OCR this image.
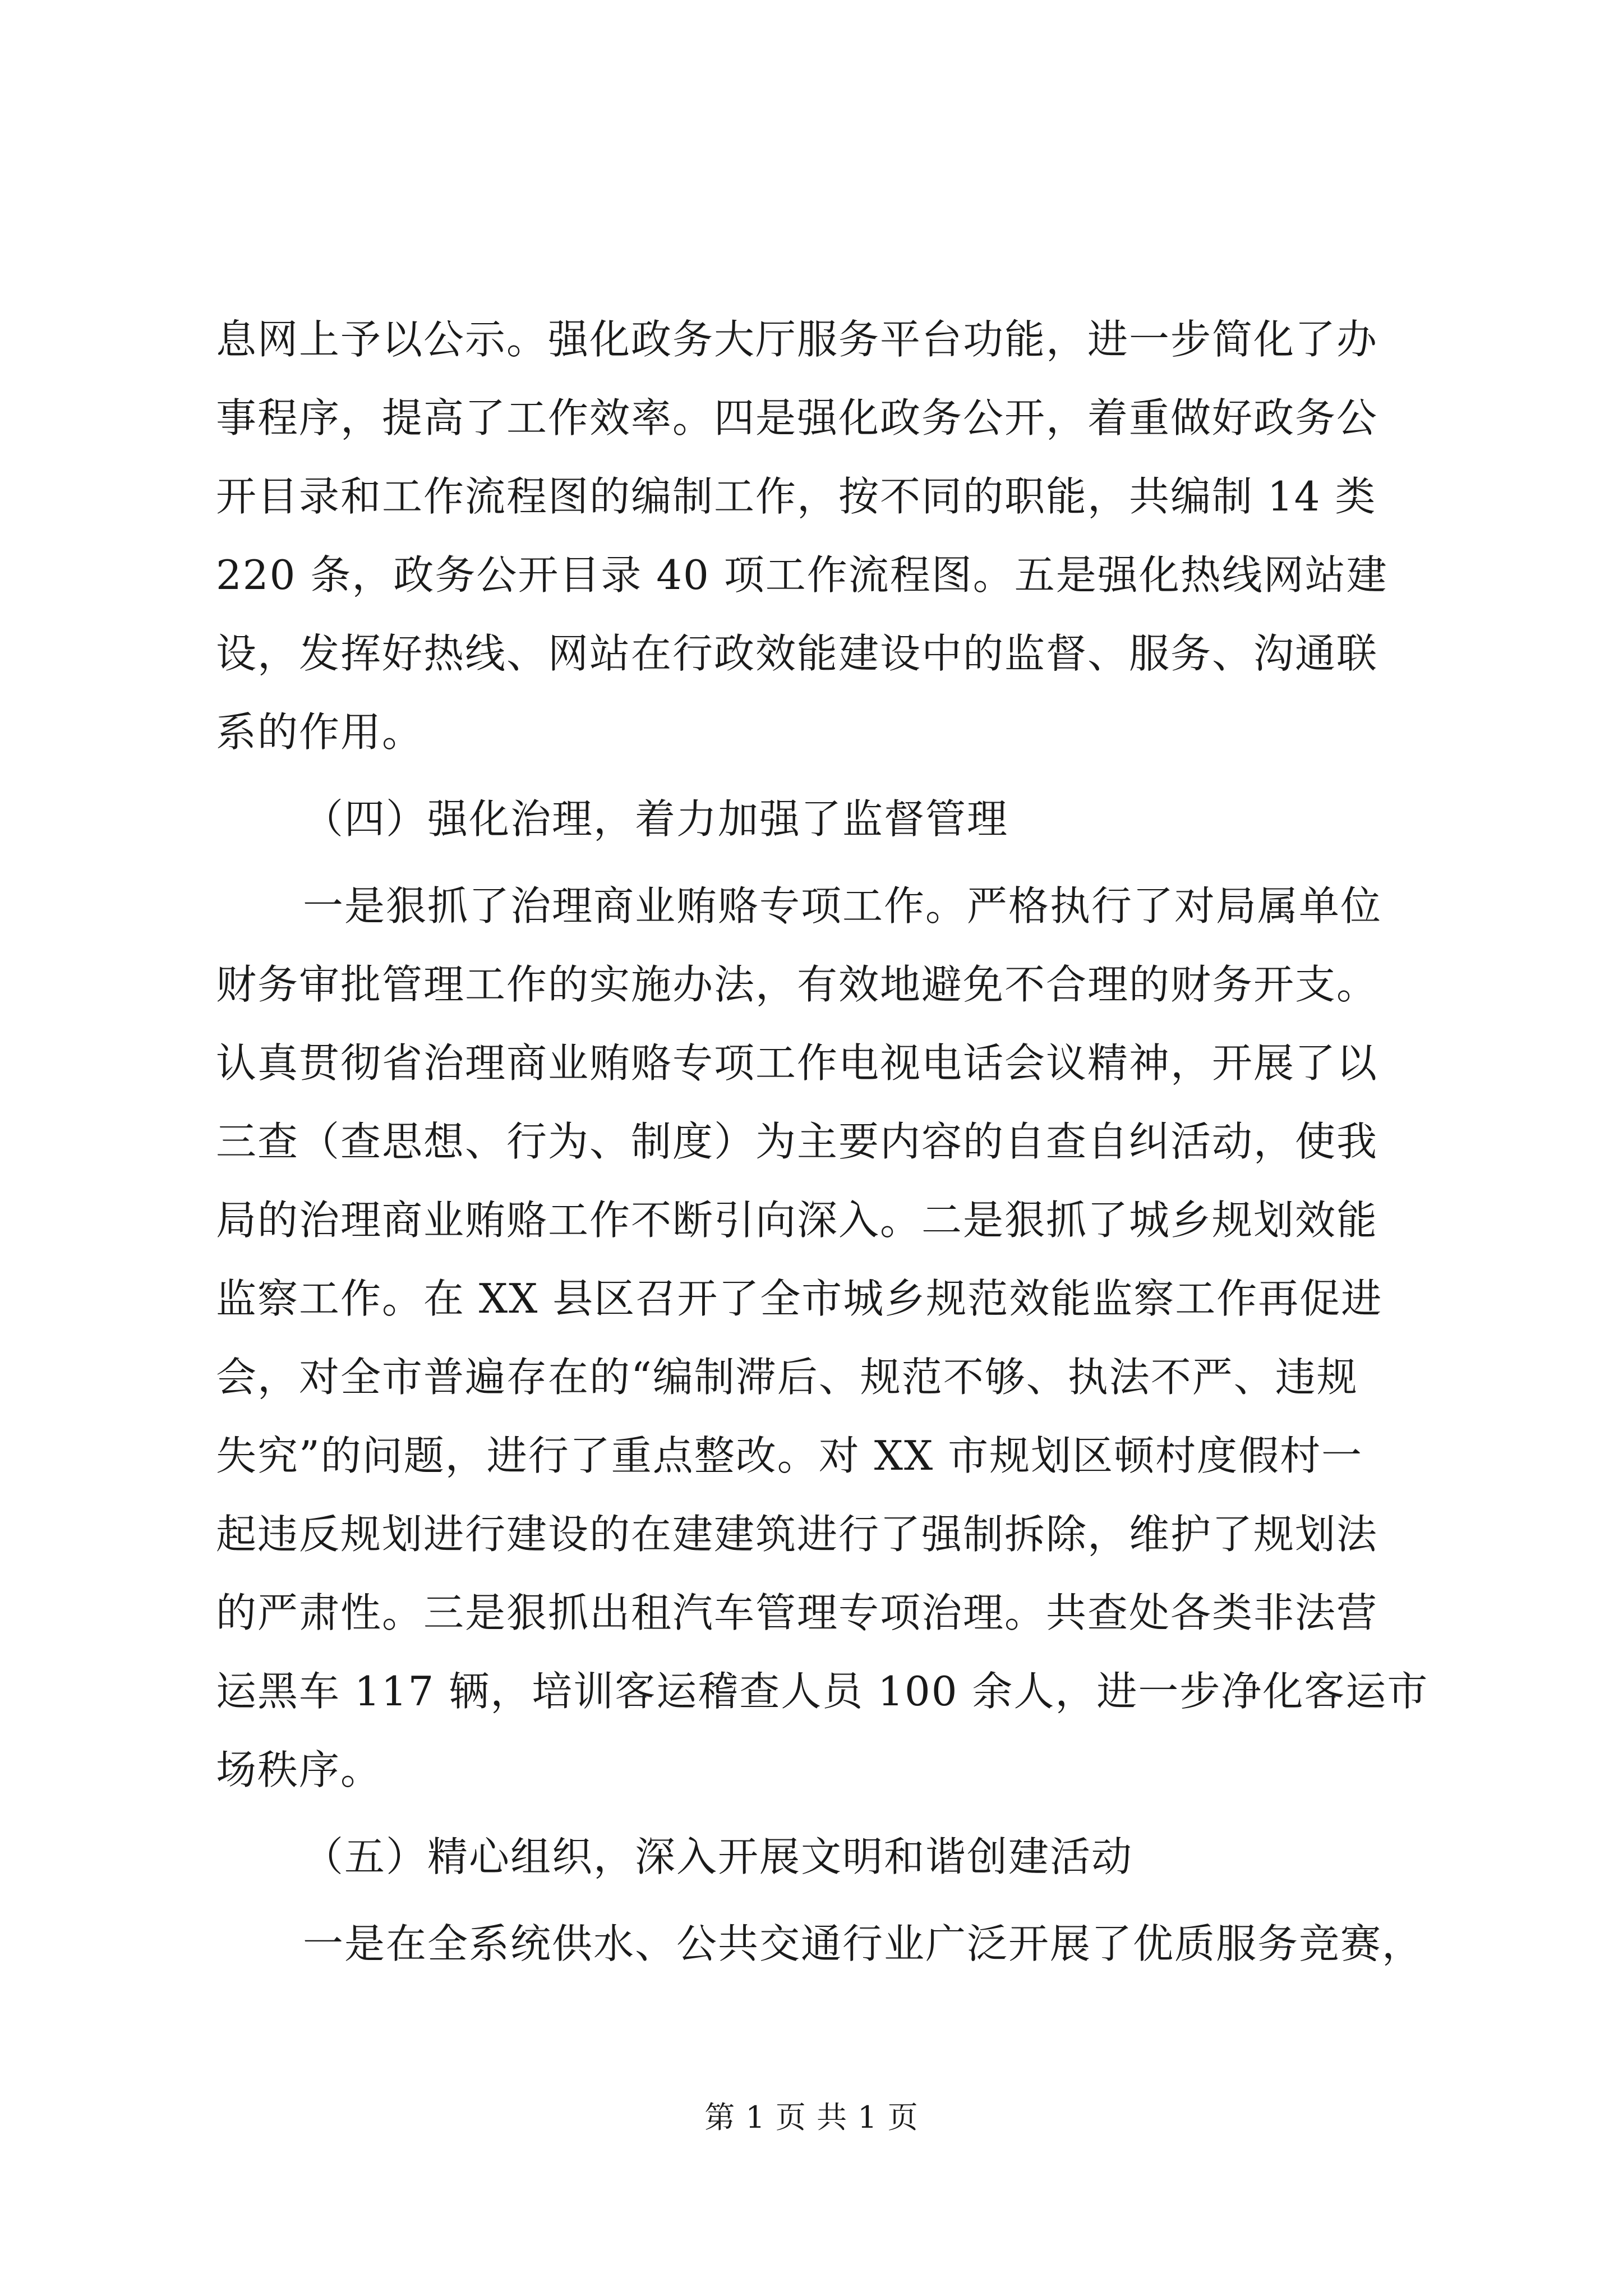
息网上予以公示。强化政务大厅服务平台功能，进一步简化了办
事程序，提高了工作效率。四是强化政务公开，着重做好政务公
开目录和工作流程图的编制工作，按不同的职能，共编制 14 类
220 条，政务公开目录 40 项工作流程图。五是强化热线网站建
设，发挥好热线、网站在行政效能建设中的监督、服务、沟通联
系的作用。
（四）强化治理，着力加强了监督管理
一是狠抓了治理商业贿赂专项工作。严格执行了对局属单位
财务审批管理工作的实施办法，有效地避免不合理的财务开支。
认真贯彻省治理商业贿赂专项工作电视电话会议精神，开展了以
三查（查思想、行为、制度）为主要内容的自查自纠活动，使我
局的治理商业贿赂工作不断引向深入。二是狠抓了城乡规划效能
监察工作。在 XX 县区召开了全市城乡规范效能监察工作再促进
会，对全市普遍存在的“编制滞后、规范不够、执法不严、违规
失究”的问题，进行了重点整改。对 XX 市规划区顿村度假村一
起违反规划进行建设的在建建筑进行了强制拆除，维护了规划法
的严肃性。三是狠抓出租汽车管理专项治理。共查处各类非法营
运黑车 117 辆，培训客运稽查人员 100 余人，进一步净化客运市
场秩序。
（五）精心组织，深入开展文明和谐创建活动
一是在全系统供水、公共交通行业广泛开展了优质服务竞赛，
第 1 页 共 1 页
